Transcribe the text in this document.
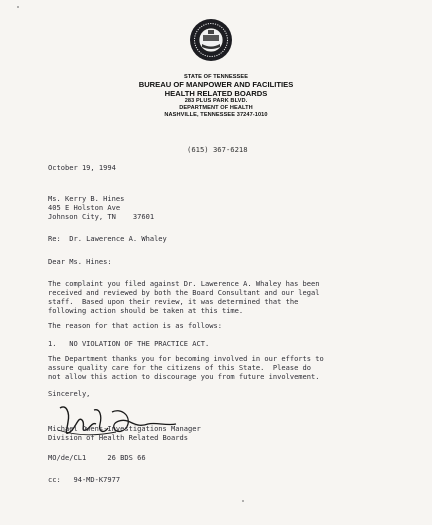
STATE OF TENNESSEE
BUREAU OF MANPOWER AND FACILITIES
HEALTH RELATED BOARDS
283 PLUS PARK BLVD.
DEPARTMENT OF HEALTH
NASHVILLE, TENNESSEE 37247-1010
(615) 367-6218
October 19, 1994
Ms. Kerry B. Hines
405 E Holston Ave
Johnson City, TN    37601
Re:  Dr. Lawerence A. Whaley
Dear Ms. Hines:
The complaint you filed against Dr. Lawerence A. Whaley has been
received and reviewed by both the Board Consultant and our legal
staff.  Based upon their review, it was determined that the
following action should be taken at this time.
The reason for that action is as follows:
1.   NO VIOLATION OF THE PRACTICE ACT.
The Department thanks you for becoming involved in our efforts to
assure quality care for the citizens of this State.  Please do
not allow this action to discourage you from future involvement.
Sincerely,
Michael Owens-Investigations Manager
Division of Health Related Boards
MO/de/CL1     26 BDS 66
cc:   94-MD-K7977
